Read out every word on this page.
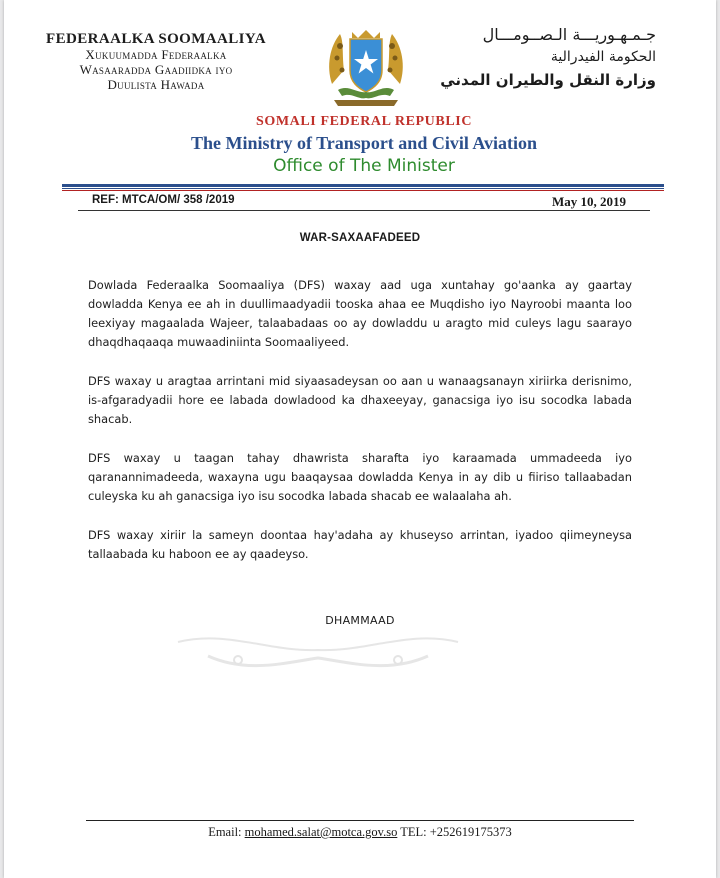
FEDERAALKA SOOMAALIYA
Xukuumadda Federaalka
Wasaaradda Gaadiidka iyo
Duulista Hawada
جـمـهـوريـــة الـصــومـــال
الحكومة الفيدرالية
وزارة النقل والطيران المدني
SOMALI FEDERAL REPUBLIC
The Ministry of Transport and Civil Aviation
Office of The Minister
REF: MTCA/OM/ 358 /2019	May 10, 2019
WAR-SAXAAFADEED

Dowlada Federaalka Soomaaliya (DFS) waxay aad uga xuntahay go'aanka ay gaartay dowladda Kenya ee ah in duullimaadyadii tooska ahaa ee Muqdisho iyo Nayroobi maanta loo leexiyay magaalada Wajeer, talaabadaas oo ay dowladdu u aragto mid culeys lagu saarayo dhaqdhaqaaqa muwaadiniinta Soomaaliyeed.

DFS waxay u aragtaa arrintani mid siyaasadeysan oo aan u wanaagsanayn xiriirka derisnimo, is-afgaradyadii hore ee labada dowladood ka dhaxeeyay, ganacsiga iyo isu socodka labada shacab.

DFS waxay u taagan tahay dhawrista sharafta iyo karaamada ummadeeda iyo qaranannimadeeda, waxayna ugu baaqaysaa dowladda Kenya in ay dib u fiiriso tallaabadan culeyska ku ah ganacsiga iyo isu socodka labada shacab ee walaalaha ah.

DFS waxay xiriir la sameyn doontaa hay'adaha ay khuseyso arrintan, iyadoo qiimeyneysa tallaabada ku haboon ee ay qaadeyso.

DHAMMAAD
Email: mohamed.salat@motca.gov.so TEL: +252619175373
